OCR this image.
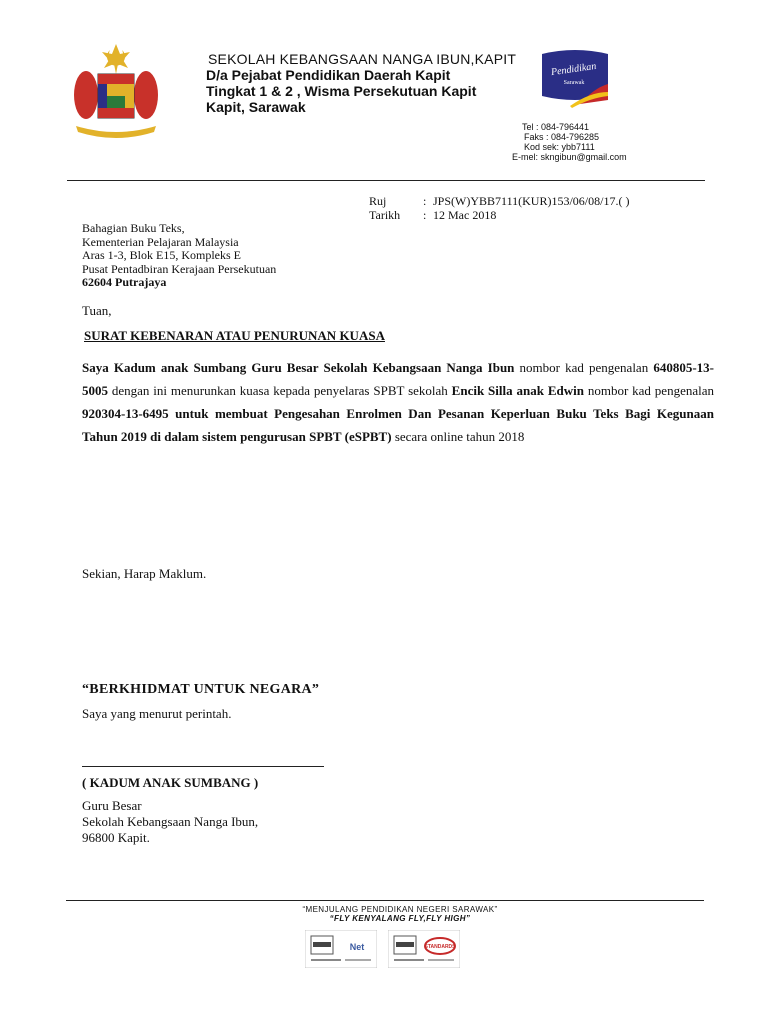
SEKOLAH KEBANGSAAN NANGA IBUN,KAPIT
D/a Pejabat Pendidikan Daerah Kapit
Tingkat 1 & 2 , Wisma Persekutuan Kapit
Kapit, Sarawak
Pendidikan
Sarawak
Tel : 084-796441
Faks : 084-796285
Kod sek: ybb7111
E-mel: skngibun@gmail.com
Ruj	: JPS(W)YBB7111(KUR)153/06/08/17.( )
Tarikh	: 12 Mac 2018
Bahagian Buku Teks,
Kementerian Pelajaran Malaysia
Aras 1-3, Blok E15, Kompleks E
Pusat Pentadbiran Kerajaan Persekutuan
62604 Putrajaya
Tuan,
SURAT KEBENARAN ATAU PENURUNAN KUASA
Saya Kadum anak Sumbang Guru Besar Sekolah Kebangsaan Nanga Ibun nombor kad pengenalan 640805-13-5005 dengan ini menurunkan kuasa kepada penyelaras SPBT sekolah Encik Silla anak Edwin nombor kad pengenalan 920304-13-6495 untuk membuat Pengesahan Enrolmen Dan Pesanan Keperluan Buku Teks Bagi Kegunaan Tahun 2019 di dalam sistem pengurusan SPBT (eSPBT) secara online tahun 2018
Sekian, Harap Maklum.
“BERKHIDMAT UNTUK NEGARA”
Saya yang menurut perintah.
( KADUM ANAK SUMBANG )
Guru Besar
Sekolah Kebangsaan Nanga Ibun,
96800 Kapit.
“MENJULANG PENDIDIKAN NEGERI SARAWAK”
“FLY KENYALANG FLY,FLY HIGH”
Net	STANDARDS
